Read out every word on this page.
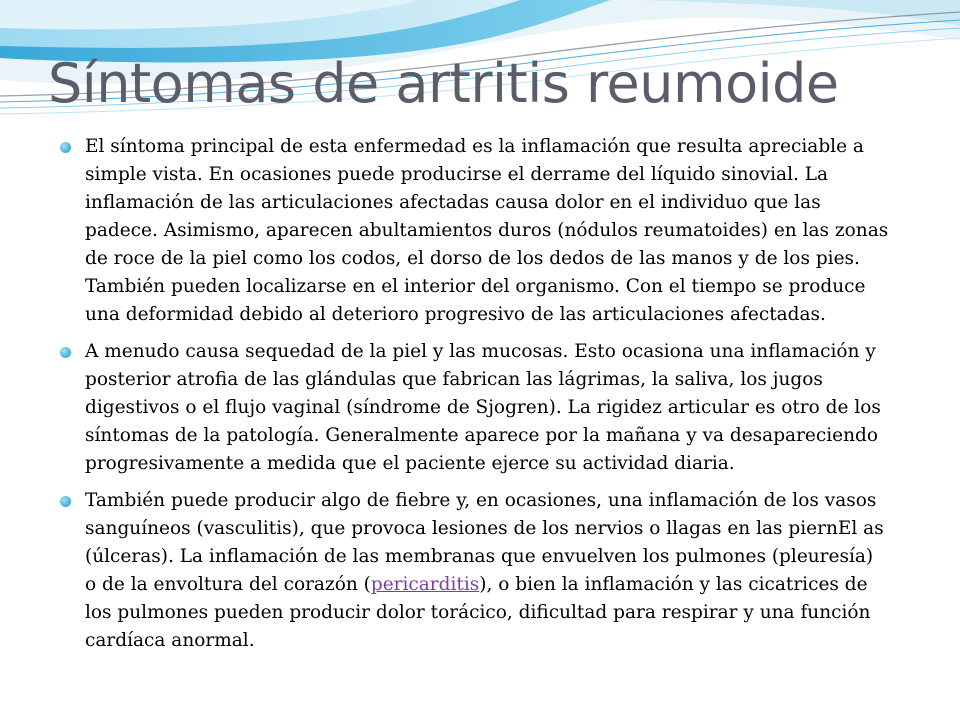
Síntomas de artritis reumoide

El síntoma principal de esta enfermedad es la inflamación que resulta apreciable a simple vista. En ocasiones puede producirse el derrame del líquido sinovial. La inflamación de las articulaciones afectadas causa dolor en el individuo que las padece. Asimismo, aparecen abultamientos duros (nódulos reumatoides) en las zonas de roce de la piel como los codos, el dorso de los dedos de las manos y de los pies. También pueden localizarse en el interior del organismo. Con el tiempo se produce una deformidad debido al deterioro progresivo de las articulaciones afectadas.

A menudo causa sequedad de la piel y las mucosas. Esto ocasiona una inflamación y posterior atrofia de las glándulas que fabrican las lágrimas, la saliva, los jugos digestivos o el flujo vaginal (síndrome de Sjogren). La rigidez articular es otro de los síntomas de la patología. Generalmente aparece por la mañana y va desapareciendo progresivamente a medida que el paciente ejerce su actividad diaria.

También puede producir algo de fiebre y, en ocasiones, una inflamación de los vasos sanguíneos (vasculitis), que provoca lesiones de los nervios o llagas en las piernEl as (úlceras). La inflamación de las membranas que envuelven los pulmones (pleuresía) o de la envoltura del corazón (pericarditis), o bien la inflamación y las cicatrices de los pulmones pueden producir dolor torácico, dificultad para respirar y una función cardíaca anormal.
